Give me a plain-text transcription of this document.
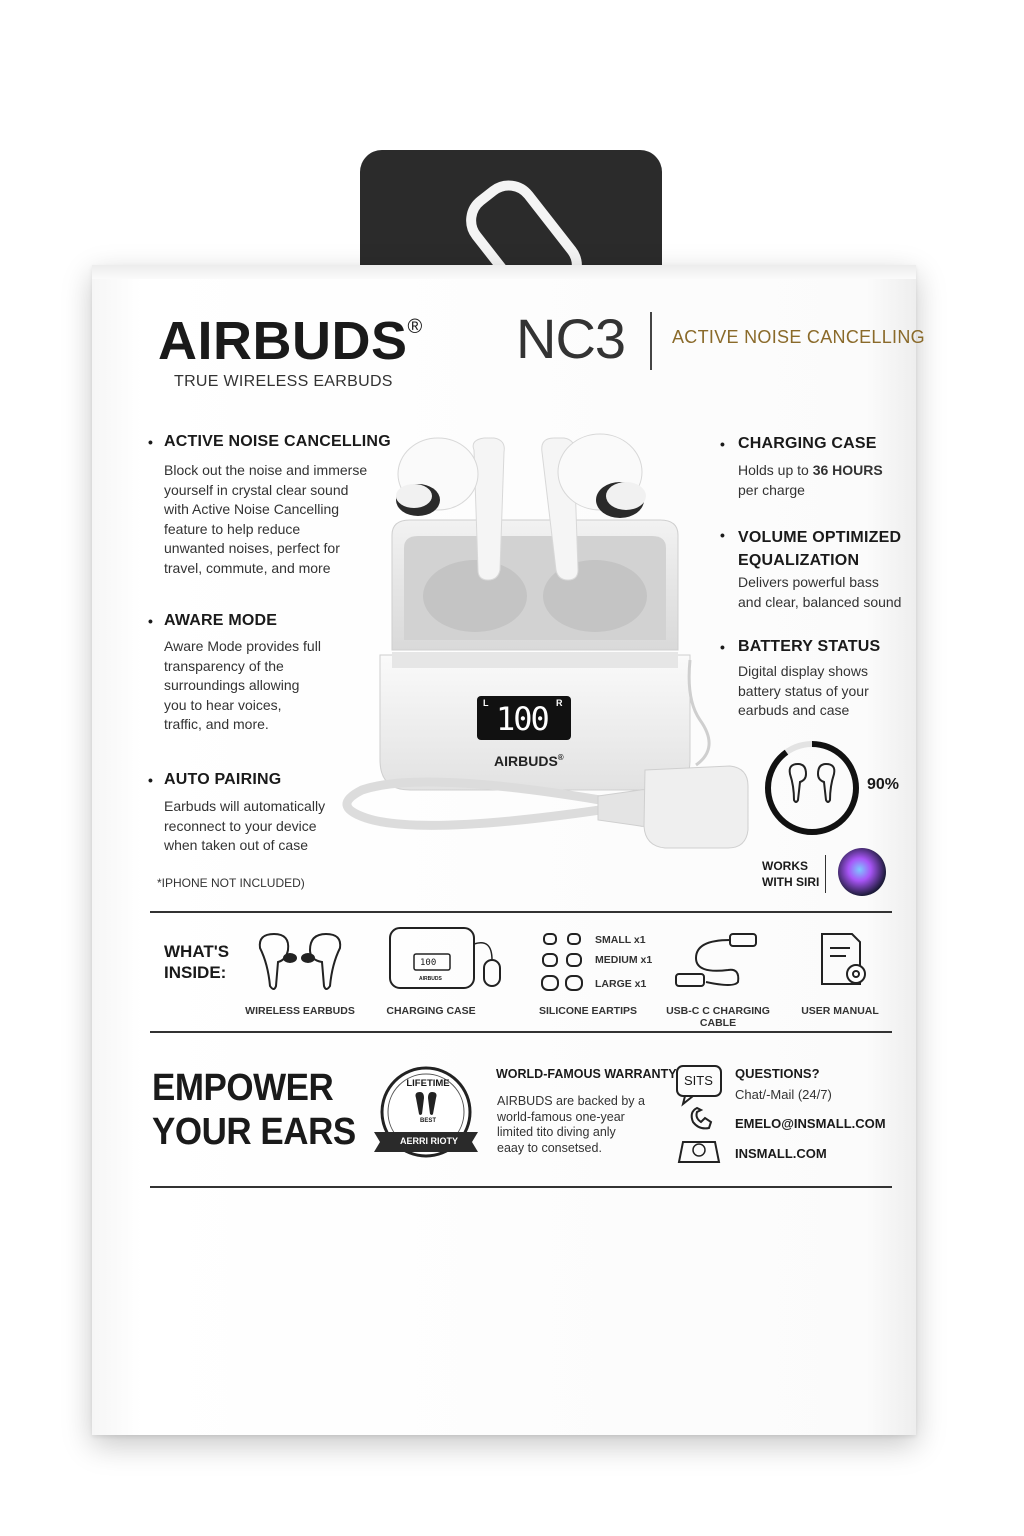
AIRBUDS®
TRUE WIRELESS EARBUDS
NC3	ACTIVE NOISE CANCELLING
• ACTIVE NOISE CANCELLING
Block out the noise and immerse
yourself in crystal clear sound
with Active Noise Cancelling
feature to help reduce
unwanted noises, perfect for
travel, commute, and more
• AWARE MODE
Aware Mode provides full
transparency of the
surroundings allowing
you to hear voices,
traffic, and more.
• AUTO PAIRING
Earbuds will automatically
reconnect to your device
when taken out of case
• CHARGING CASE
Holds up to 36 HOURS
per charge
• VOLUME OPTIMIZED
EQUALIZATION
Delivers powerful bass
and clear, balanced sound
• BATTERY STATUS
Digital display shows
battery status of your
earbuds and case
L 100 R
AIRBUDS®
90%
WORKS
WITH SIRI
*IPHONE NOT INCLUDED)
WHAT'S
INSIDE:
WIRELESS EARBUDS
100
AIRBUDS
CHARGING CASE
SMALL x1
MEDIUM x1
LARGE x1
SILICONE EARTIPS	USB-C C CHARGING CABLE
USER MANUAL
EMPOWER
YOUR EARS
LIFETIME
BEST
AERRI RIOTY
WORLD-FAMOUS WARRANTY
AIRBUDS are backed by a
world-famous one-year
limited tito diving anly
eaay to consetsed.
SITS QUESTIONS?
Chat/-Mail (24/7)
EMELO@INSMALL.COM
INSMALL.COM
